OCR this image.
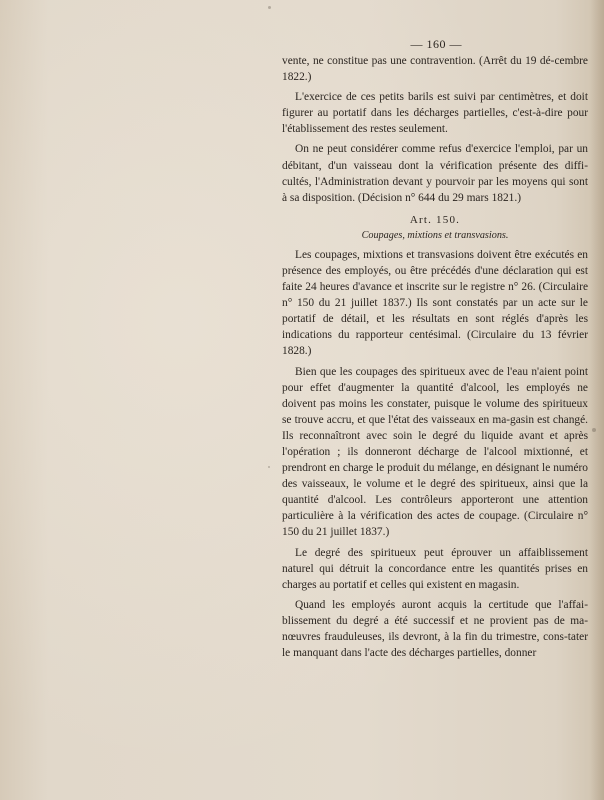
— 160 —

vente, ne constitue pas une contravention. (Arrêt du 19 dé-cembre 1822.)

L'exercice de ces petits barils est suivi par centimètres, et doit figurer au portatif dans les décharges partielles, c'est-à-dire pour l'établissement des restes seulement.

On ne peut considérer comme refus d'exercice l'emploi, par un débitant, d'un vaisseau dont la vérification présente des diffi-cultés, l'Administration devant y pourvoir par les moyens qui sont à sa disposition. (Décision n° 644 du 29 mars 1821.)

Art. 150.
Coupages, mixtions et transvasions.

Les coupages, mixtions et transvasions doivent être exécutés en présence des employés, ou être précédés d'une déclaration qui est faite 24 heures d'avance et inscrite sur le registre n° 26. (Circulaire n° 150 du 21 juillet 1837.) Ils sont constatés par un acte sur le portatif de détail, et les résultats en sont réglés d'après les indications du rapporteur centésimal. (Circulaire du 13 février 1828.)

Bien que les coupages des spiritueux avec de l'eau n'aient point pour effet d'augmenter la quantité d'alcool, les employés ne doivent pas moins les constater, puisque le volume des spiritueux se trouve accru, et que l'état des vaisseaux en ma-gasin est changé. Ils reconnaîtront avec soin le degré du liquide avant et après l'opération ; ils donneront décharge de l'alcool mixtionné, et prendront en charge le produit du mélange, en désignant le numéro des vaisseaux, le volume et le degré des spiritueux, ainsi que la quantité d'alcool. Les contrôleurs apporteront une attention particulière à la vérification des actes de coupage. (Circulaire n° 150 du 21 juillet 1837.)

Le degré des spiritueux peut éprouver un affaiblissement naturel qui détruit la concordance entre les quantités prises en charges au portatif et celles qui existent en magasin.

Quand les employés auront acquis la certitude que l'affai-blissement du degré a été successif et ne provient pas de ma-nœuvres frauduleuses, ils devront, à la fin du trimestre, cons-tater le manquant dans l'acte des décharges partielles, donner
